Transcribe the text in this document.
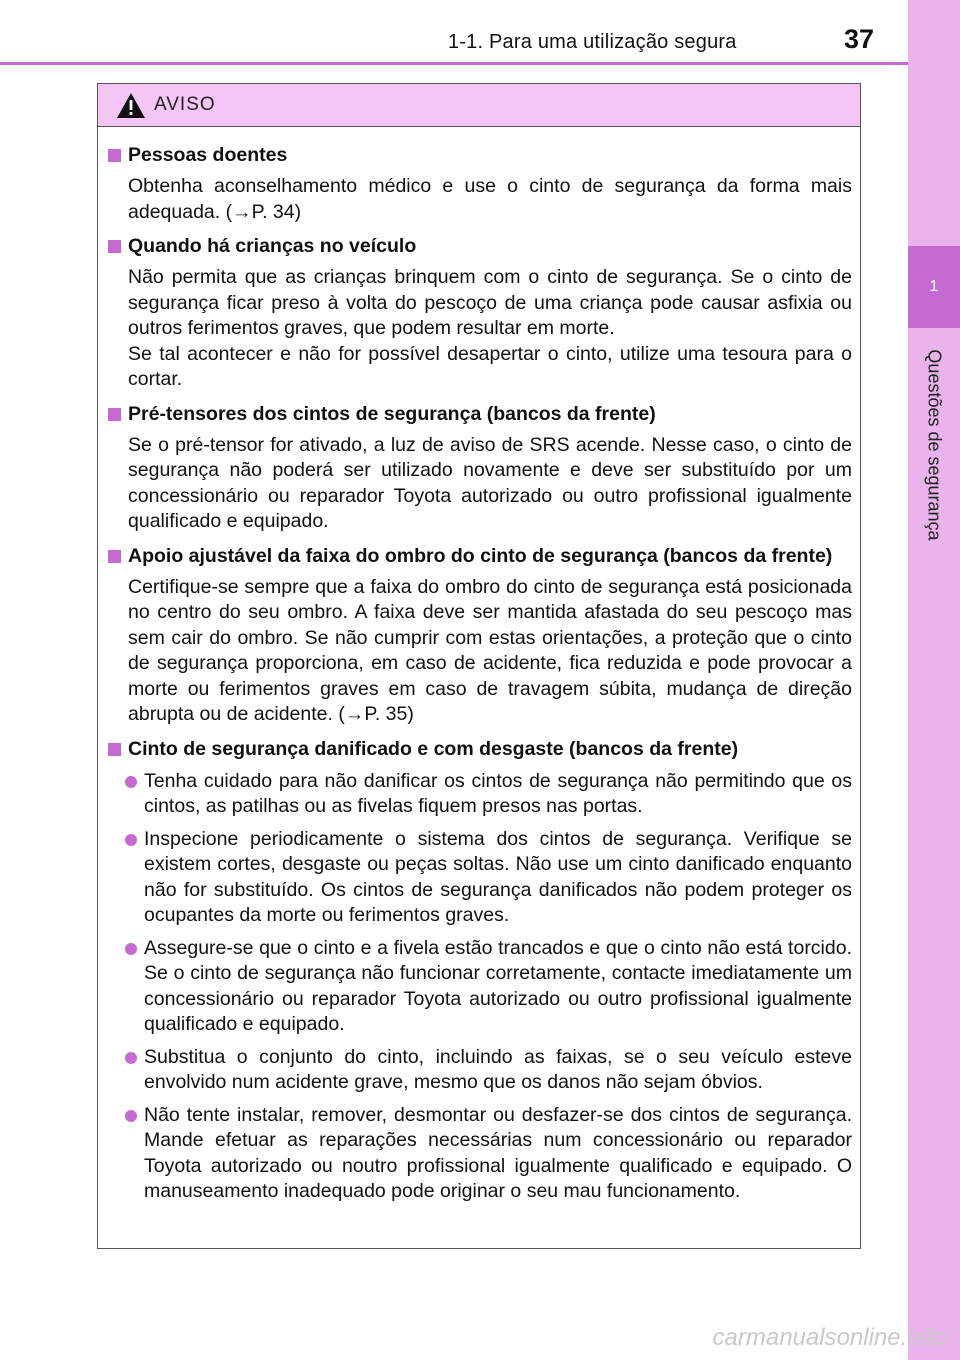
1-1. Para uma utilização segura	37
1
Questões de segurança
AVISO
Pessoas doentes
Obtenha aconselhamento médico e use o cinto de segurança da forma mais adequada. (→P. 34)
Quando há crianças no veículo
Não permita que as crianças brinquem com o cinto de segurança. Se o cinto de segurança ficar preso à volta do pescoço de uma criança pode causar asfixia ou outros ferimentos graves, que podem resultar em morte.
Se tal acontecer e não for possível desapertar o cinto, utilize uma tesoura para o cortar.
Pré-tensores dos cintos de segurança (bancos da frente)
Se o pré-tensor for ativado, a luz de aviso de SRS acende. Nesse caso, o cinto de segurança não poderá ser utilizado novamente e deve ser substituído por um concessionário ou reparador Toyota autorizado ou outro profissional igualmente qualificado e equipado.
Apoio ajustável da faixa do ombro do cinto de segurança (bancos da frente)
Certifique-se sempre que a faixa do ombro do cinto de segurança está posicionada no centro do seu ombro. A faixa deve ser mantida afastada do seu pescoço mas sem cair do ombro. Se não cumprir com estas orientações, a proteção que o cinto de segurança proporciona, em caso de acidente, fica reduzida e pode provocar a morte ou ferimentos graves em caso de travagem súbita, mudança de direção abrupta ou de acidente. (→P. 35)
Cinto de segurança danificado e com desgaste (bancos da frente)
Tenha cuidado para não danificar os cintos de segurança não permitindo que os cintos, as patilhas ou as fivelas fiquem presos nas portas.
Inspecione periodicamente o sistema dos cintos de segurança. Verifique se existem cortes, desgaste ou peças soltas. Não use um cinto danificado enquanto não for substituído. Os cintos de segurança danificados não podem proteger os ocupantes da morte ou ferimentos graves.
Assegure-se que o cinto e a fivela estão trancados e que o cinto não está torcido. Se o cinto de segurança não funcionar corretamente, contacte imediatamente um concessionário ou reparador Toyota autorizado ou outro profissional igualmente qualificado e equipado.
Substitua o conjunto do cinto, incluindo as faixas, se o seu veículo esteve envolvido num acidente grave, mesmo que os danos não sejam óbvios.
Não tente instalar, remover, desmontar ou desfazer-se dos cintos de segurança. Mande efetuar as reparações necessárias num concessionário ou reparador Toyota autorizado ou noutro profissional igualmente qualificado e equipado. O manuseamento inadequado pode originar o seu mau funcionamento.
carmanualsonline.info
